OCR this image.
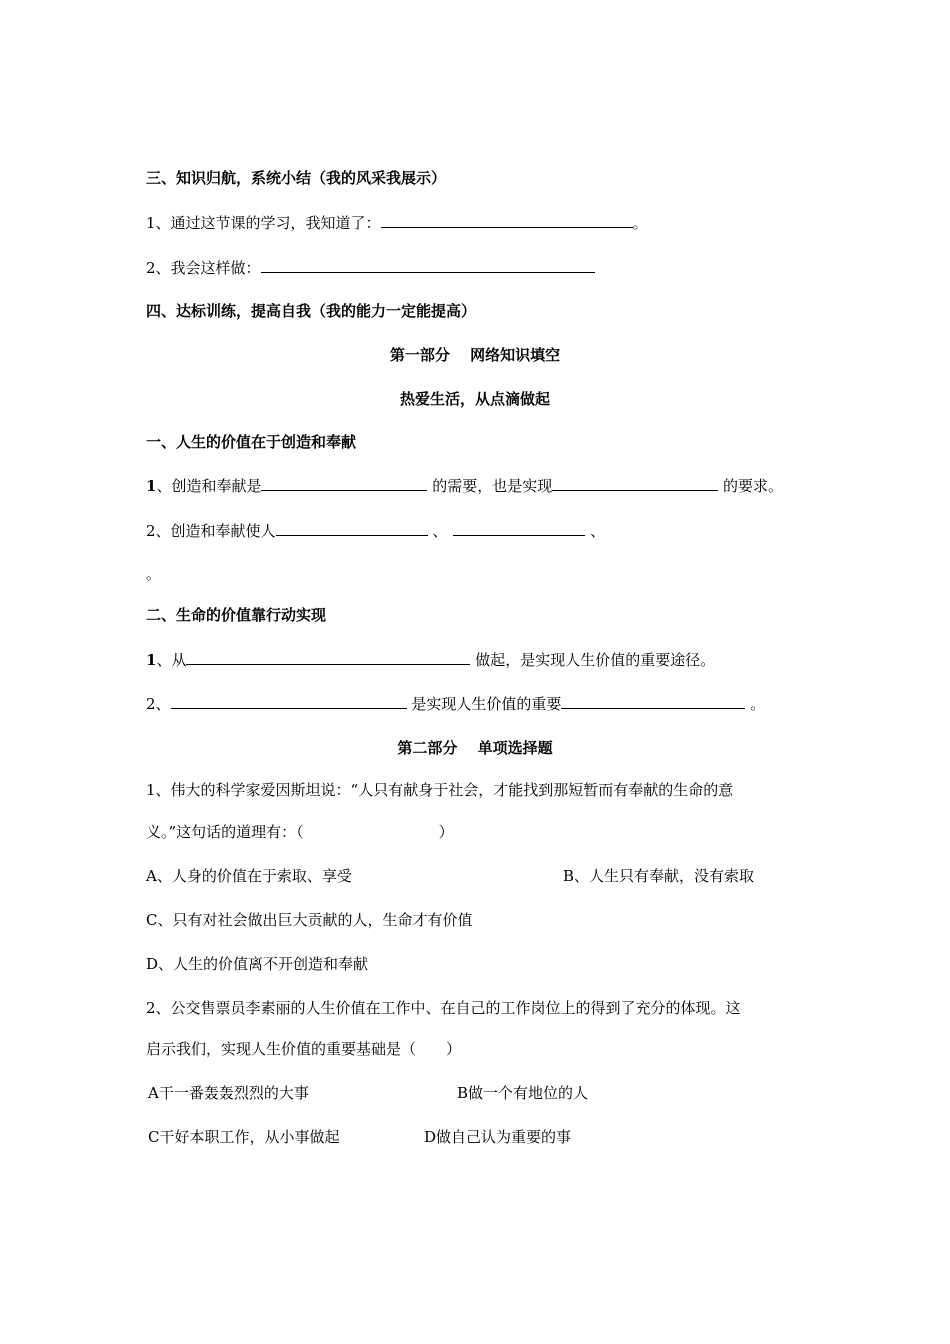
三、知识归航，系统小结（我的风采我展示）
1、通过这节课的学习，我知道了：	。
2、我会这样做：
四、达标训练，提高自我（我的能力一定能提高）
第一部分　 网络知识填空
热爱生活，从点滴做起
一、人生的价值在于创造和奉献
1、创造和奉献是	的需要，也是实现	的要求。
2、创造和奉献使人	、	、
。
二、生命的价值靠行动实现
1、从	做起，是实现人生价值的重要途径。
2、	是实现人生价值的重要	。
第二部分　 单项选择题
1、伟大的科学家爱因斯坦说：“人只有献身于社会，才能找到那短暂而有奉献的生命的意
义。”这句话的道理有：（　　　　　　　　　）
A、人身的价值在于索取、享受	B、人生只有奉献，没有索取
C、只有对社会做出巨大贡献的人，生命才有价值
D、人生的价值离不开创造和奉献
2、公交售票员李素丽的人生价值在工作中、在自己的工作岗位上的得到了充分的体现。这
启示我们，实现人生价值的重要基础是（　　）
A干一番轰轰烈烈的大事	B做一个有地位的人
C干好本职工作，从小事做起	D做自己认为重要的事
